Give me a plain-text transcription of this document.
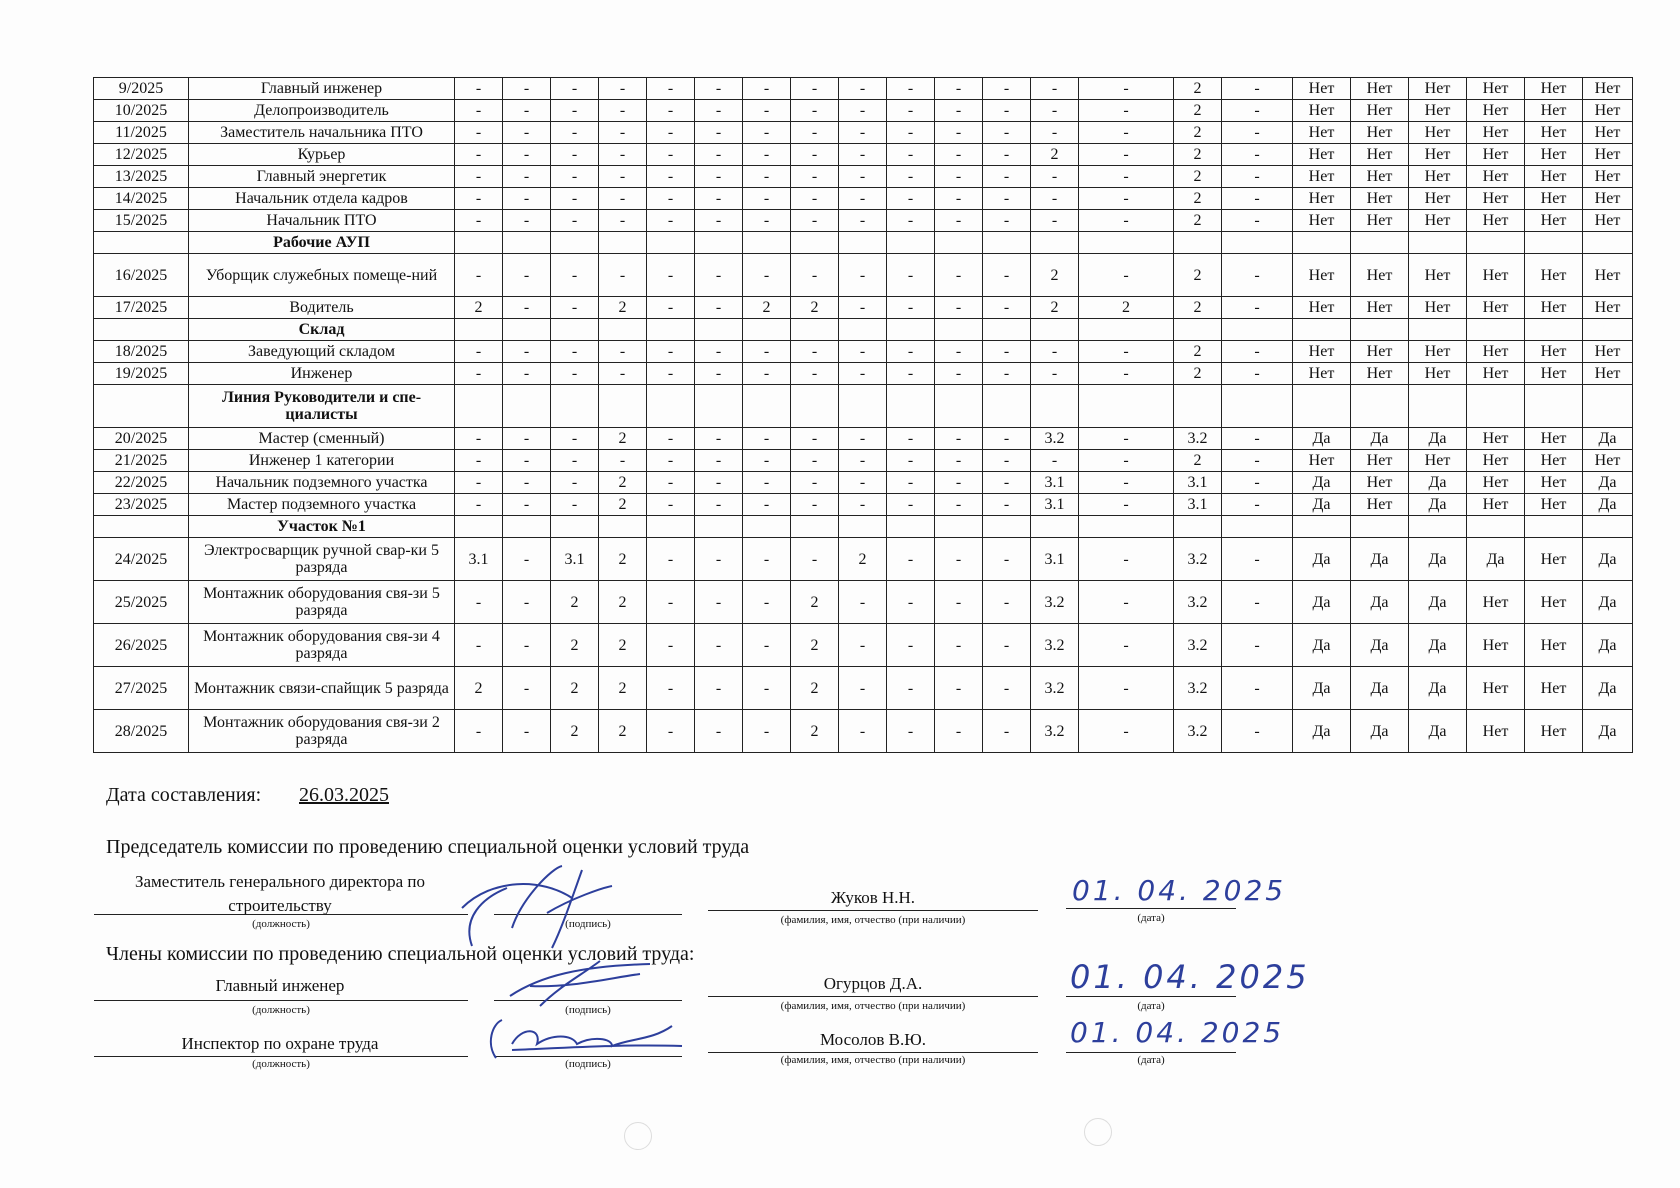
9/2025	Главный инженер	-	-	-	-	-	-	-	-	-	-	-	-	-	-	2	-	Нет	Нет	Нет	Нет	Нет	Нет
10/2025	Делопроизводитель	-	-	-	-	-	-	-	-	-	-	-	-	-	-	2	-	Нет	Нет	Нет	Нет	Нет	Нет
11/2025	Заместитель начальника ПТО	-	-	-	-	-	-	-	-	-	-	-	-	-	-	2	-	Нет	Нет	Нет	Нет	Нет	Нет
12/2025	Курьер	-	-	-	-	-	-	-	-	-	-	-	-	2	-	2	-	Нет	Нет	Нет	Нет	Нет	Нет
13/2025	Главный энергетик	-	-	-	-	-	-	-	-	-	-	-	-	-	-	2	-	Нет	Нет	Нет	Нет	Нет	Нет
14/2025	Начальник отдела кадров	-	-	-	-	-	-	-	-	-	-	-	-	-	-	2	-	Нет	Нет	Нет	Нет	Нет	Нет
15/2025	Начальник ПТО	-	-	-	-	-	-	-	-	-	-	-	-	-	-	2	-	Нет	Нет	Нет	Нет	Нет	Нет
	Рабочие АУП																						
16/2025	Уборщик служебных помеще-ний	-	-	-	-	-	-	-	-	-	-	-	-	2	-	2	-	Нет	Нет	Нет	Нет	Нет	Нет
17/2025	Водитель	2	-	-	2	-	-	2	2	-	-	-	-	2	2	2	-	Нет	Нет	Нет	Нет	Нет	Нет
	Склад																						
18/2025	Заведующий складом	-	-	-	-	-	-	-	-	-	-	-	-	-	-	2	-	Нет	Нет	Нет	Нет	Нет	Нет
19/2025	Инженер	-	-	-	-	-	-	-	-	-	-	-	-	-	-	2	-	Нет	Нет	Нет	Нет	Нет	Нет
	Линия Руководители и спе-циалисты																						
20/2025	Мастер (сменный)	-	-	-	2	-	-	-	-	-	-	-	-	3.2	-	3.2	-	Да	Да	Да	Нет	Нет	Да
21/2025	Инженер 1 категории	-	-	-	-	-	-	-	-	-	-	-	-	-	-	2	-	Нет	Нет	Нет	Нет	Нет	Нет
22/2025	Начальник подземного участка	-	-	-	2	-	-	-	-	-	-	-	-	3.1	-	3.1	-	Да	Нет	Да	Нет	Нет	Да
23/2025	Мастер подземного участка	-	-	-	2	-	-	-	-	-	-	-	-	3.1	-	3.1	-	Да	Нет	Да	Нет	Нет	Да
	Участок №1																						
24/2025	Электросварщик ручной свар-ки 5 разряда	3.1	-	3.1	2	-	-	-	-	2	-	-	-	3.1	-	3.2	-	Да	Да	Да	Да	Нет	Да
25/2025	Монтажник оборудования свя-зи 5 разряда	-	-	2	2	-	-	-	2	-	-	-	-	3.2	-	3.2	-	Да	Да	Да	Нет	Нет	Да
26/2025	Монтажник оборудования свя-зи 4 разряда	-	-	2	2	-	-	-	2	-	-	-	-	3.2	-	3.2	-	Да	Да	Да	Нет	Нет	Да
27/2025	Монтажник связи-спайщик 5 разряда	2	-	2	2	-	-	-	2	-	-	-	-	3.2	-	3.2	-	Да	Да	Да	Нет	Нет	Да
28/2025	Монтажник оборудования свя-зи 2 разряда	-	-	2	2	-	-	-	2	-	-	-	-	3.2	-	3.2	-	Да	Да	Да	Нет	Нет	Да
Дата составления: 26.03.2025
Председатель комиссии по проведению специальной оценки условий труда
Заместитель генерального директора по строительству
(должность)	(подпись)
Жуков Н.Н.
(фамилия, имя, отчество (при наличии)
01. 04. 2025
(дата)
Члены комиссии по проведению специальной оценки условий труда:
Главный инженер
(должность)	(подпись)
Огурцов Д.А.
(фамилия, имя, отчество (при наличии)
01. 04. 2025
(дата)
Инспектор по охране труда
(должность)	(подпись)
Мосолов В.Ю.
(фамилия, имя, отчество (при наличии)
01. 04. 2025
(дата)
